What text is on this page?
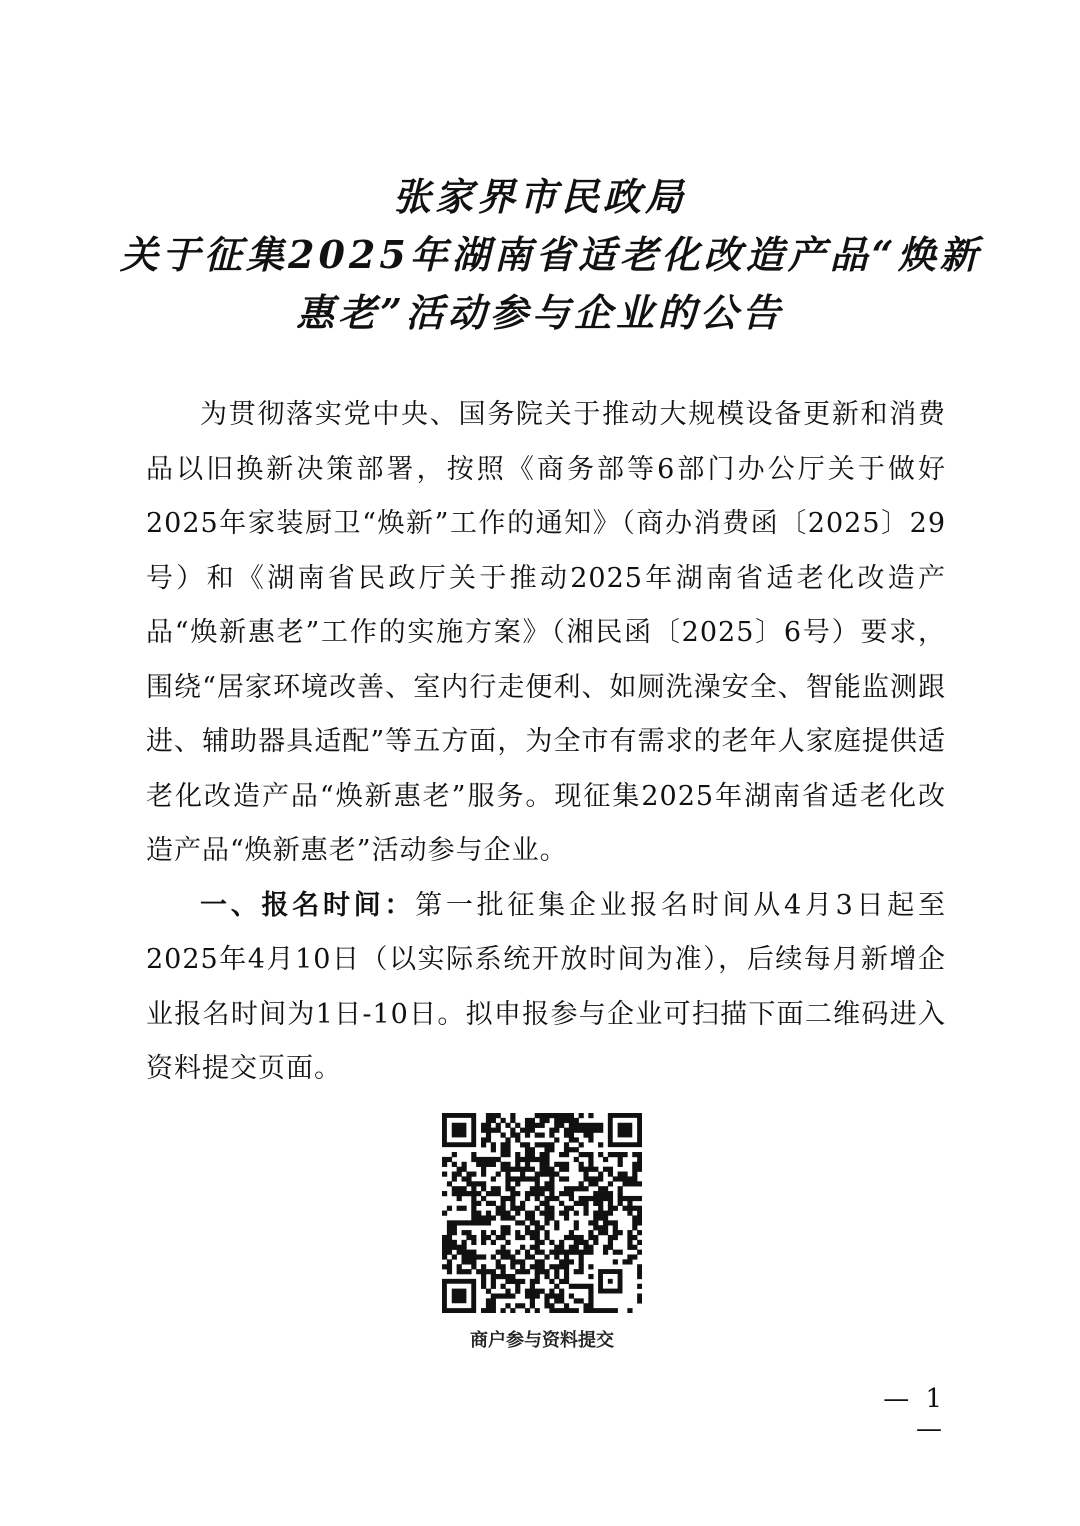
张家界市民政局
关于征集2025年湖南省适老化改造产品“焕新
惠老”活动参与企业的公告

为贯彻落实党中央、国务院关于推动大规模设备更新和消费品以旧换新决策部署，按照《商务部等6部门办公厅关于做好2025年家装厨卫“焕新”工作的通知》（商办消费函〔2025〕29号）和《湖南省民政厅关于推动2025年湖南省适老化改造产品“焕新惠老”工作的实施方案》（湘民函〔2025〕6号）要求，围绕“居家环境改善、室内行走便利、如厕洗澡安全、智能监测跟进、辅助器具适配”等五方面，为全市有需求的老年人家庭提供适老化改造产品“焕新惠老”服务。现征集2025年湖南省适老化改造产品“焕新惠老”活动参与企业。

一、报名时间：第一批征集企业报名时间从4月3日起至2025年4月10日（以实际系统开放时间为准），后续每月新增企业报名时间为1日-10日。拟申报参与企业可扫描下面二维码进入资料提交页面。

商户参与资料提交
— 1 —
